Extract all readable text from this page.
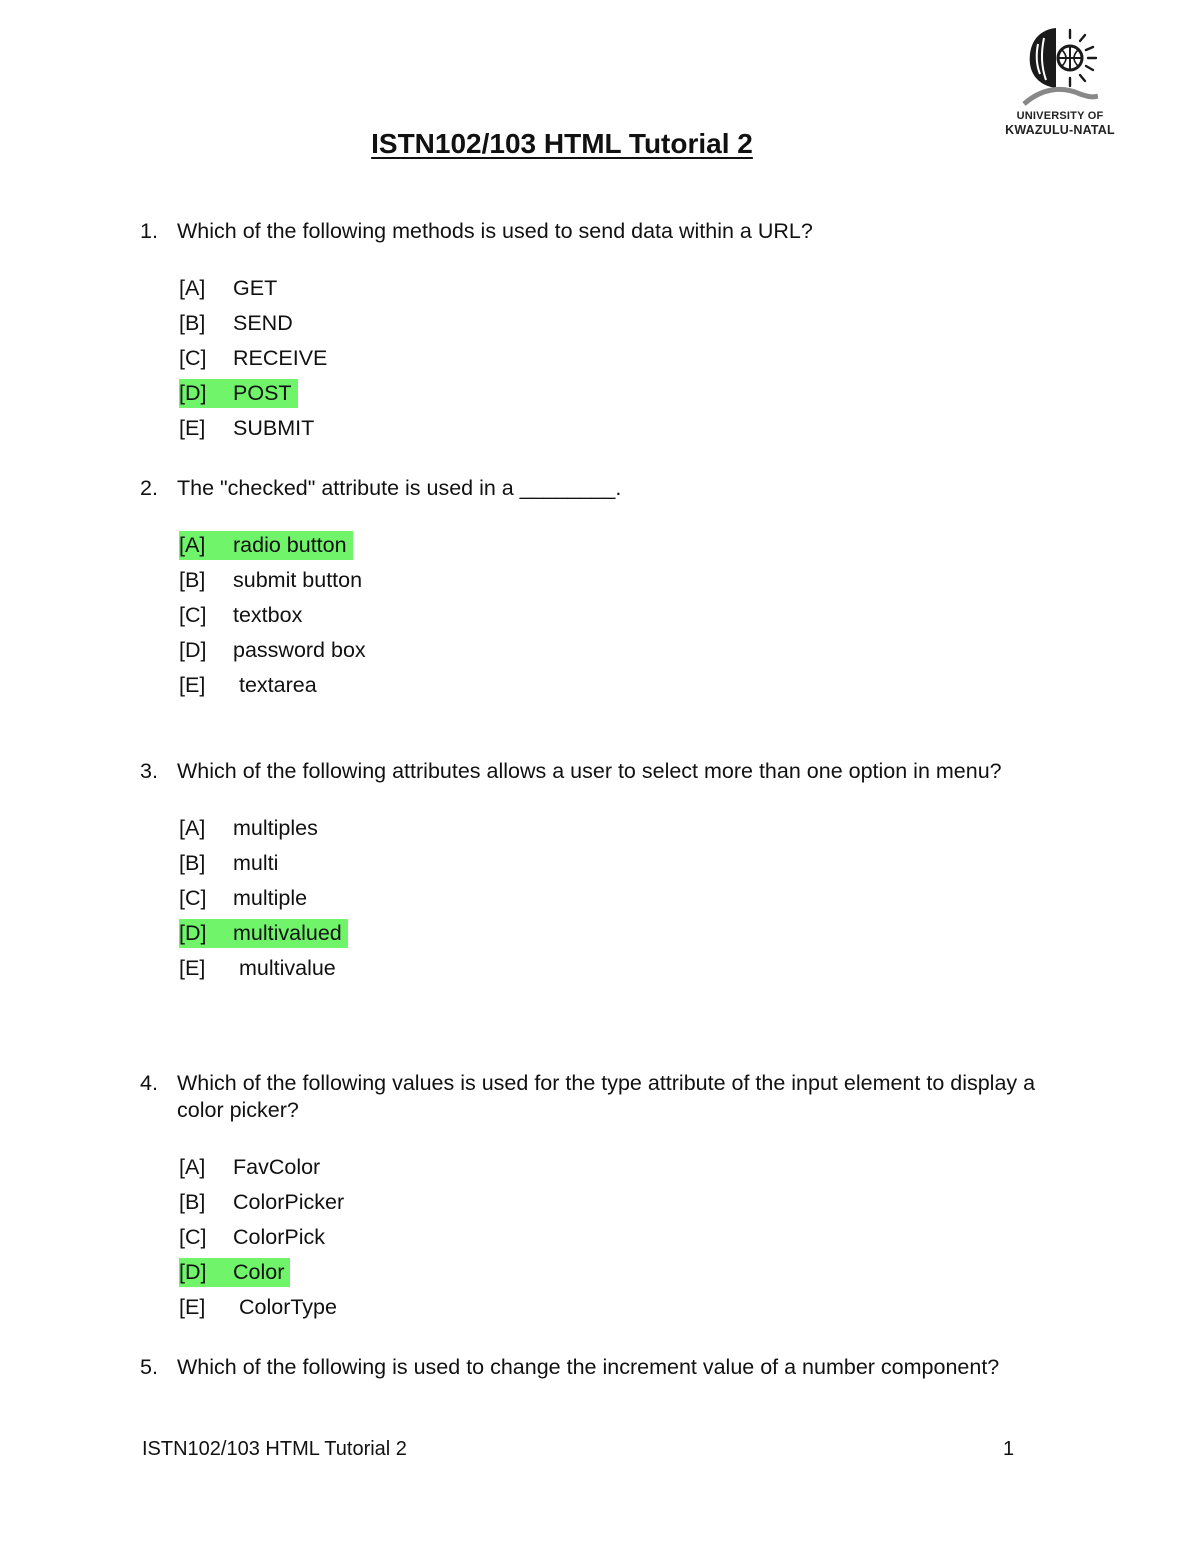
UNIVERSITY OF
KWAZULU-NATAL
ISTN102/103 HTML Tutorial 2
1. Which of the following methods is used to send data within a URL?
[A] GET
[B] SEND
[C] RECEIVE
[D] POST
[E] SUBMIT
2. The "checked" attribute is used in a ________.
[A] radio button
[B] submit button
[C] textbox
[D] password box
[E] textarea
3. Which of the following attributes allows a user to select more than one option in menu?
[A] multiples
[B] multi
[C] multiple
[D] multivalued
[E] multivalue
4. Which of the following values is used for the type attribute of the input element to display a color picker?
[A] FavColor
[B] ColorPicker
[C] ColorPick
[D] Color
[E] ColorType
5. Which of the following is used to change the increment value of a number component?
ISTN102/103 HTML Tutorial 2	1
